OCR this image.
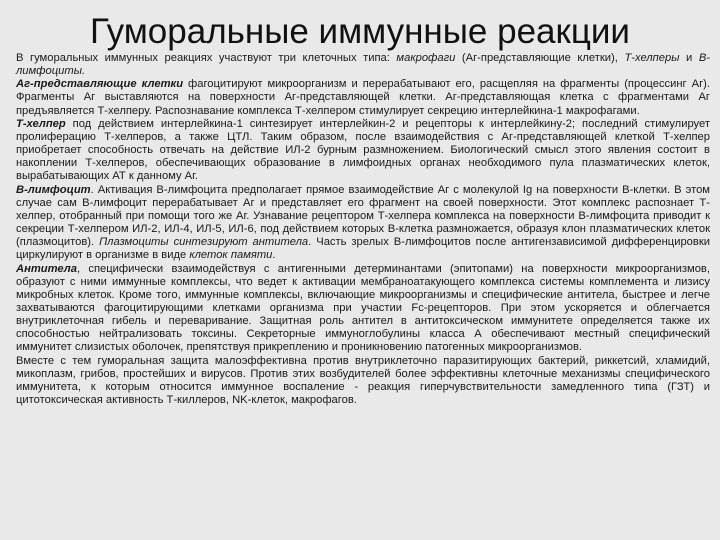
Гуморальные иммунные реакции

В гуморальных иммунных реакциях участвуют три клеточных типа: макрофаги (Аг-представляющие клетки), Т-хелперы и В-лимфоциты.

Аг-представляющие клетки фагоцитируют микроорганизм и перерабатывают его, расщепляя на фрагменты (процессинг Аг). Фрагменты Аг выставляются на поверхности Аг-представляющей клетки. Аг-представляющая клетка с фрагментами Аг предъявляется Т-хелперу. Распознавание комплекса Т-хелпером стимулирует секрецию интерлейкина-1 макрофагами.

Т-хелпер под действием интерлейкина-1 синтезирует интерлейкин-2 и рецепторы к интерлейкину-2; последний стимулирует пролиферацию Т-хелперов, а также ЦТЛ. Таким образом, после взаимодействия с Аг-представляющей клеткой Т-хелпер приобретает способность отвечать на действие ИЛ-2 бурным размножением. Биологический смысл этого явления состоит в накоплении Т-хелперов, обеспечивающих образование в лимфоидных органах необходимого пула плазматических клеток, вырабатывающих АТ к данному Аг.

В-лимфоцит. Активация В-лимфоцита предполагает прямое взаимодействие Аг с молекулой Ig на поверхности В-клетки. В этом случае сам В-лимфоцит перерабатывает Аг и представляет его фрагмент на своей поверхности. Этот комплекс распознает Т-хелпер, отобранный при помощи того же Аг. Узнавание рецептором Т-хелпера комплекса на поверхности В-лимфоцита приводит к секреции Т-хелпером ИЛ-2, ИЛ-4, ИЛ-5, ИЛ-6, под действием которых В-клетка размножается, образуя клон плазматических клеток (плазмоцитов). Плазмоциты синтезируют антитела. Часть зрелых В-лимфоцитов после антигензависимой дифференцировки циркулируют в организме в виде клеток памяти.

Антитела, специфически взаимодействуя с антигенными детерминантами (эпитопами) на поверхности микроорганизмов, образуют с ними иммунные комплексы, что ведет к активации мембраноатакующего комплекса системы комплемента и лизису микробных клеток. Кроме того, иммунные комплексы, включающие микроорганизмы и специфические антитела, быстрее и легче захватываются фагоцитирующими клетками организма при участии Fc-рецепторов. При этом ускоряется и облегчается внутриклеточная гибель и переваривание. Защитная роль антител в антитоксическом иммунитете определяется также их способностью нейтрализовать токсины. Секреторные иммуноглобулины класса А обеспечивают местный специфический иммунитет слизистых оболочек, препятствуя прикреплению и проникновению патогенных микроорганизмов.

Вместе с тем гуморальная защита малоэффективна против внутриклеточно паразитирующих бактерий, риккетсий, хламидий, микоплазм, грибов, простейших и вирусов. Против этих возбудителей более эффективны клеточные механизмы специфического иммунитета, к которым относится иммунное воспаление - реакция гиперчувствительности замедленного типа (ГЗТ) и цитотоксическая активность Т-киллеров, NK-клеток, макрофагов.
